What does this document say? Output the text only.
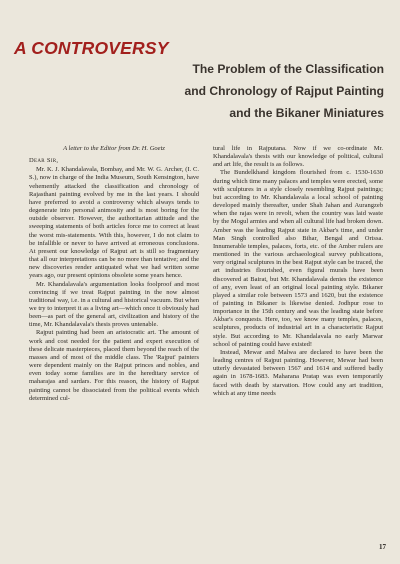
A CONTROVERSY
The Problem of the Classification
and Chronology of Rajput Painting
and the Bikaner Miniatures

A letter to the Editor from Dr. H. Goetz

Dear Sir,

Mr. K. J. Khandalavala, Bombay, and Mr. W. G. Archer, (I. C. S.), now in charge of the India Museum, South Kensington, have vehemently attacked the classification and chronology of Rajasthani painting evolved by me in the last years. I should have preferred to avoid a controversy which always tends to degenerate into personal animosity and is most boring for the outside observer. However, the authoritarian attitude and the sweeping statements of both articles force me to correct at least the worst mis-statements. With this, however, I do not claim to be infallible or never to have arrived at erroneous conclusions. At present our knowledge of Rajput art is still so fragmentary that all our interpretations can be no more than tentative; and the new discoveries render antiquated what we had written some years ago, our present opinions obsolete some years hence.

Mr. Khandalavala's argumentation looks foolproof and most convincing if we treat Rajput painting in the now almost traditional way, i.e. in a cultural and historical vacuum. But when we try to interpret it as a living art—which once it obviously had been—as part of the general art, civilization and history of the time, Mr. Khandalavala's thesis proves untenable.

Rajput painting had been an aristocratic art. The amount of work and cost needed for the patient and expert execution of these delicate masterpieces, placed them beyond the reach of the masses and of most of the middle class. The 'Rajput' painters were dependent mainly on the Rajput princes and nobles, and even today some families are in the hereditary service of maharajas and sardars. For this reason, the history of Rajput painting cannot be dissociated from the political events which determined cul-

tural life in Rajputana. Now if we co-ordinate Mr. Khandalavala's thesis with our knowledge of political, cultural and art life, the result is as follows.

The Bundelkhand kingdom flourished from c. 1530-1630 during which time many palaces and temples were erected, some with sculptures in a style closely resembling Rajput paintings; but according to Mr. Khandalavala a local school of painting developed mainly thereafter, under Shah Jahan and Aurangzeb when the rajas were in revolt, when the country was laid waste by the Mogul armies and when all cultural life had broken down. Amber was the leading Rajput state in Akbar's time, and under Man Singh controlled also Bihar, Bengal and Orissa. Innumerable temples, palaces, forts, etc. of the Amber rulers are mentioned in the various archaeological survey publications, very original sculptures in the best Rajput style can be traced, the art industries flourished, even figural murals have been discovered at Bairat, but Mr. Khandalavala denies the existence of any, even least of an original local painting style. Bikaner played a similar role between 1573 and 1620, but the existence of painting in Bikaner is likewise denied. Jodhpur rose to importance in the 15th century and was the leading state before Akbar's conquests. Here, too, we know many temples, palaces, sculptures, products of industrial art in a characteristic Rajput style. But according to Mr. Khandalavala no early Marwar school of painting could have existed!

Instead, Mewar and Malwa are declared to have been the leading centres of Rajput painting. However, Mewar had been utterly devastated between 1567 and 1614 and suffered badly again in 1678-1683. Maharana Pratap was even temporarily faced with death by starvation. How could any art tradition, which at any time needs

17
